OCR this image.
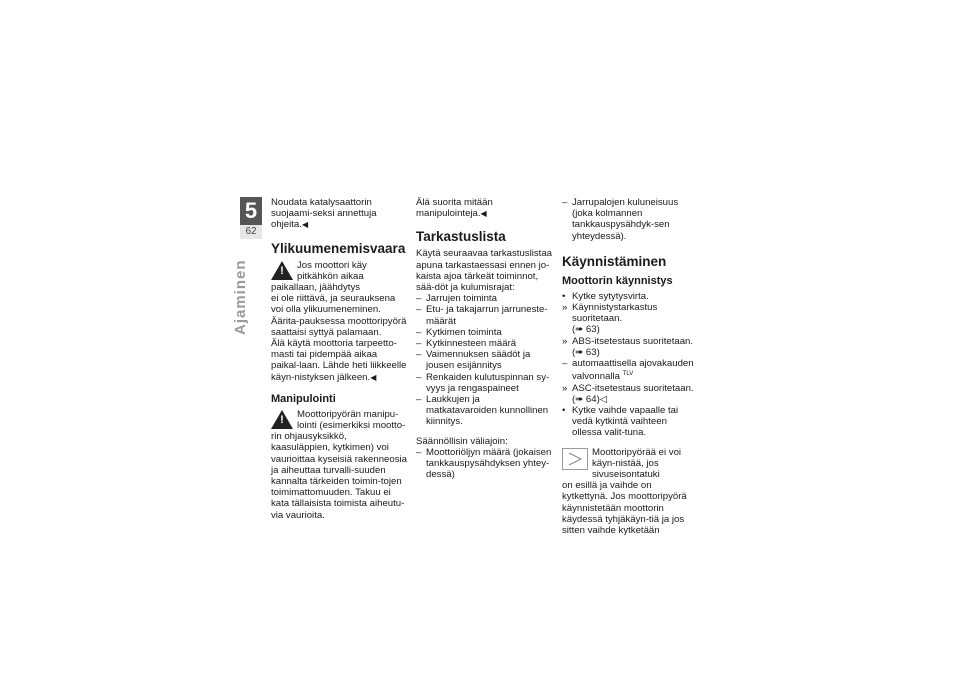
5
62
Ajaminen

Noudata katalysaattorin suojaami-seksi annettuja ohjeita.◀

Ylikuumenemisvaara
!

Jos moottori käy pitkähkön aikaa paikallaan, jäähdytys

ei ole riittävä, ja seurauksena voi olla ylikuumeneminen. Äärita-pauksessa moottoripyörä saattaisi syttyä palamaan.

Älä käytä moottoria tarpeetto-masti tai pidempää aikaa paikal-laan. Lähde heti liikkeelle käyn-nistyksen jälkeen.◀

Manipulointi
!

Moottoripyörän manipu-lointi (esimerkiksi mootto-

rin ohjausyksikkö, kaasuläppien, kytkimen) voi vaurioittaa kyseisiä rakenneosia ja aiheuttaa turvalli-suuden kannalta tärkeiden toimin-tojen toimimattomuuden. Takuu ei kata tällaisista toimista aiheutu-via vaurioita.

Älä suorita mitään manipulointeja.◀

Tarkastuslista

Käytä seuraavaa tarkastuslistaa apuna tarkastaessasi ennen jo-kaista ajoa tärkeät toiminnot, sää-döt ja kulumisrajat:

– Jarrujen toiminta
– Etu- ja takajarrun jarruneste-määrät
– Kytkimen toiminta
– Kytkinnesteen määrä
– Vaimennuksen säädöt ja jousen esijännitys
– Renkaiden kulutuspinnan sy-vyys ja rengaspaineet
– Laukkujen ja matkatavaroiden kunnollinen kiinnitys.

Säännöllisin väliajoin:

– Moottoriöljyn määrä (jokaisen tankkauspysähdyksen yhtey-dessä)
– Jarrupalojen kuluneisuus (joka kolmannen tankkauspysähdyk-sen yhteydessä).
Käynnistäminen
Moottorin käynnistys
• Kytke sytytysvirta.
» Käynnistystarkastus suoritetaan.
(➠ 63)
» ABS-itsetestaus suoritetaan.
(➠ 63)
– automaattisella ajovakauden valvonnalla $^{TLV}$
» ASC-itsetestaus suoritetaan.
(➠ 64)◁
• Kytke vaihde vapaalle tai vedä kytkintä vaihteen ollessa valit-tuna.

Moottoripyörää ei voi käyn-nistää, jos sivuseisontatuki

on esillä ja vaihde on kytkettynä. Jos moottoripyörä käynnistetään moottorin käydessä tyhjäkäyn-tiä ja jos sitten vaihde kytketään
